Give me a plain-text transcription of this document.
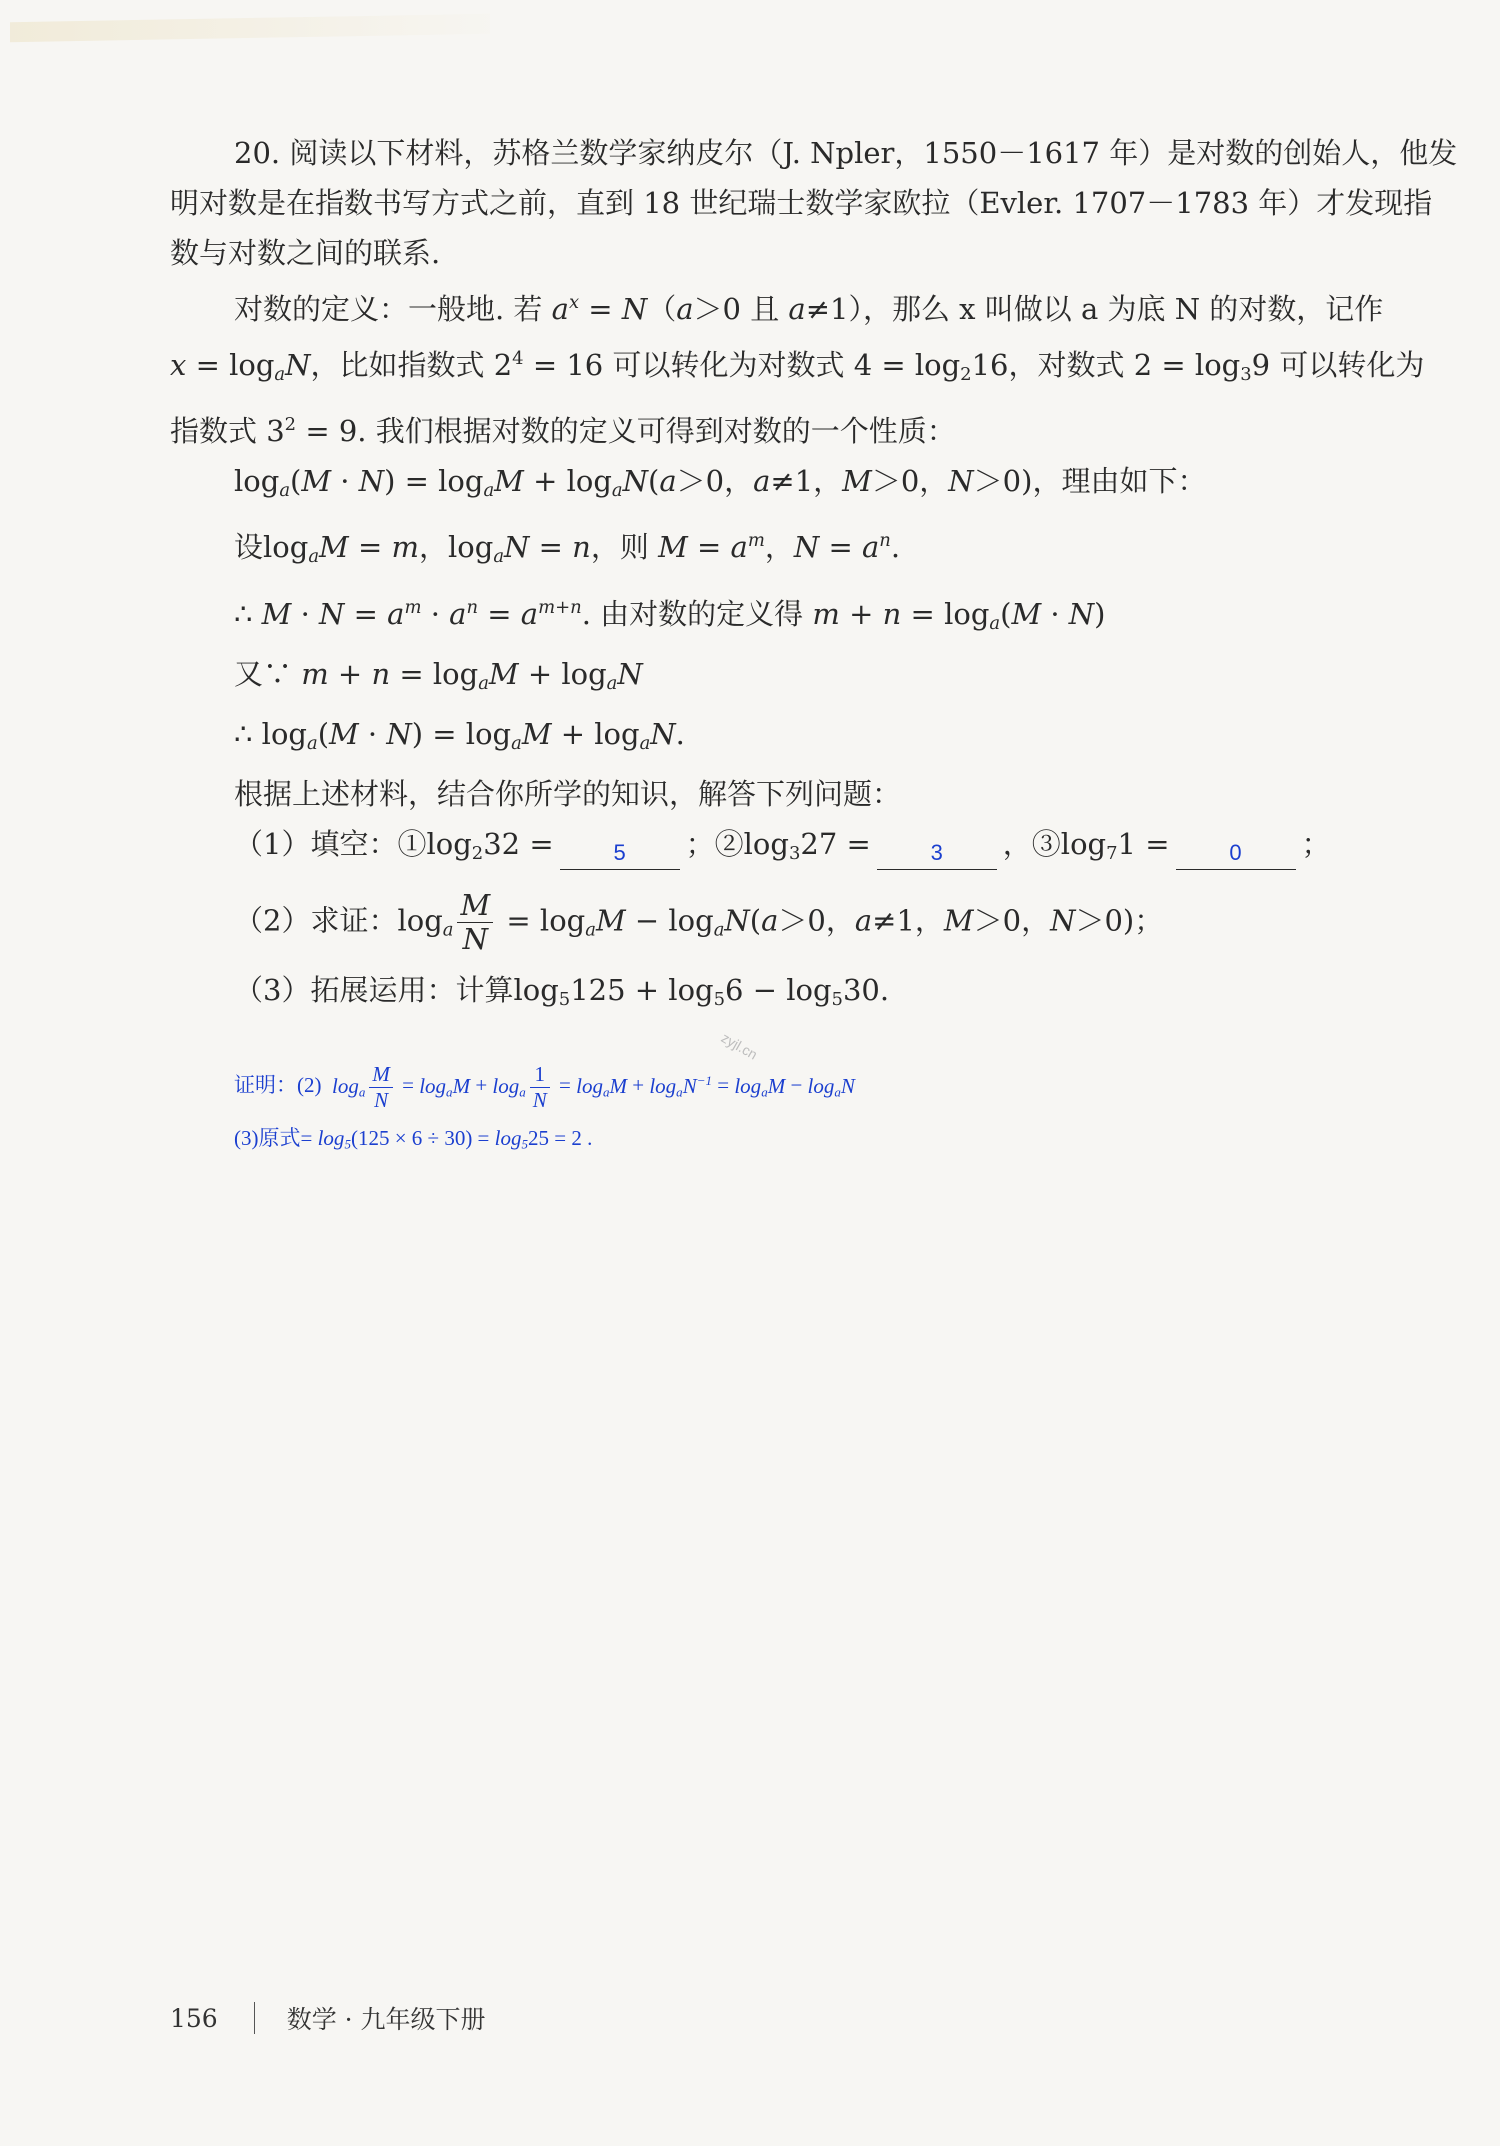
20. 阅读以下材料，苏格兰数学家纳皮尔（J. Npler，1550－1617 年）是对数的创始人，他发
明对数是在指数书写方式之前，直到 18 世纪瑞士数学家欧拉（Evler. 1707－1783 年）才发现指
数与对数之间的联系.
对数的定义：一般地. 若 $a^x = N(a>0$ 且 a≠1），那么 x 叫做以 a 为底 N 的对数，记作
$x = \log_aN$，比如指数式 $2^4 = 16$ 可以转化为对数式 $4 = \log_216$，对数式 $2 = \log_39$ 可以转化为
指数式 $3^2 = 9$. 我们根据对数的定义可得到对数的一个性质：
$\log_a(M \cdot N) = \log_aM + \log_aN(a>0$，a≠1，M＞0，N＞0)，理由如下：
设$\log_aM = m$，$\log_aN = n$，则 $M = a^m$，$N = a^n$.
∴ $M \cdot N = a^m \cdot a^n = a^{m+n}$. 由对数的定义得 $m + n = \log_a(M \cdot N)$
又∵ $m + n = \log_aM + \log_aN$
∴ $\log_a(M \cdot N) = \log_aM + \log_aN$.
根据上述材料，结合你所学的知识，解答下列问题：
（1）填空：$①\log_232$ =	5 ；$②\log_327$ =	3 ，$③\log_71$ =	0 ；
（2）求证：$\log_a \frac{M}{N} = \log_aM - \log_aN(a>0$，a≠1，M＞0，N＞0)；
（3）拓展运用：计算$\log_5125 + \log_56 - \log_530$.
证明：(2) $\log_a \frac{M}{N} = \log_aM + \log_a \frac{1}{N} = \log_aM + \log_aN^{-1} = \log_aM - \log_aN$
(3)原式= $\log_5(125 \times 6 \div 30) = \log_525 = 2$ .
zyjl.cn
156	数学 · 九年级下册
